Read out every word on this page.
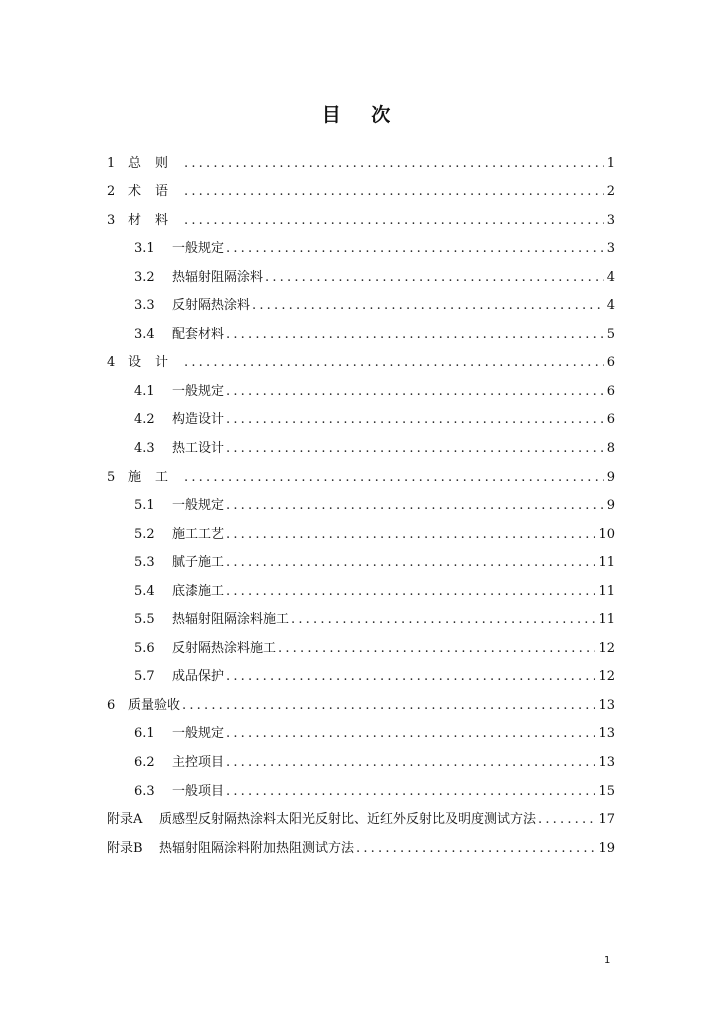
目 次
1 总则 .....	1
2 术语 .....	2
3 材料 .....	3
3.1	一般规定 .....	3
3.2	热辐射阻隔涂料 .....	4
3.3	反射隔热涂料 .....	4
3.4	配套材料 .....	5
4 设计 .....	6
4.1	一般规定 .....	6
4.2	构造设计 .....	6
4.3	热工设计 .....	8
5 施工 .....	9
5.1	一般规定 .....	9
5.2	施工工艺 .....	10
5.3	腻子施工 .....	11
5.4	底漆施工 .....	11
5.5	热辐射阻隔涂料施工 .....	11
5.6	反射隔热涂料施工 .....	12
5.7	成品保护 .....	12
6 质量验收 .....	13
6.1	一般规定 .....	13
6.2	主控项目 .....	13
6.3	一般项目 .....	15
附录A	质感型反射隔热涂料太阳光反射比、近红外反射比及明度测试方法 .....	17
附录B	热辐射阻隔涂料附加热阻测试方法 .....	19
1
